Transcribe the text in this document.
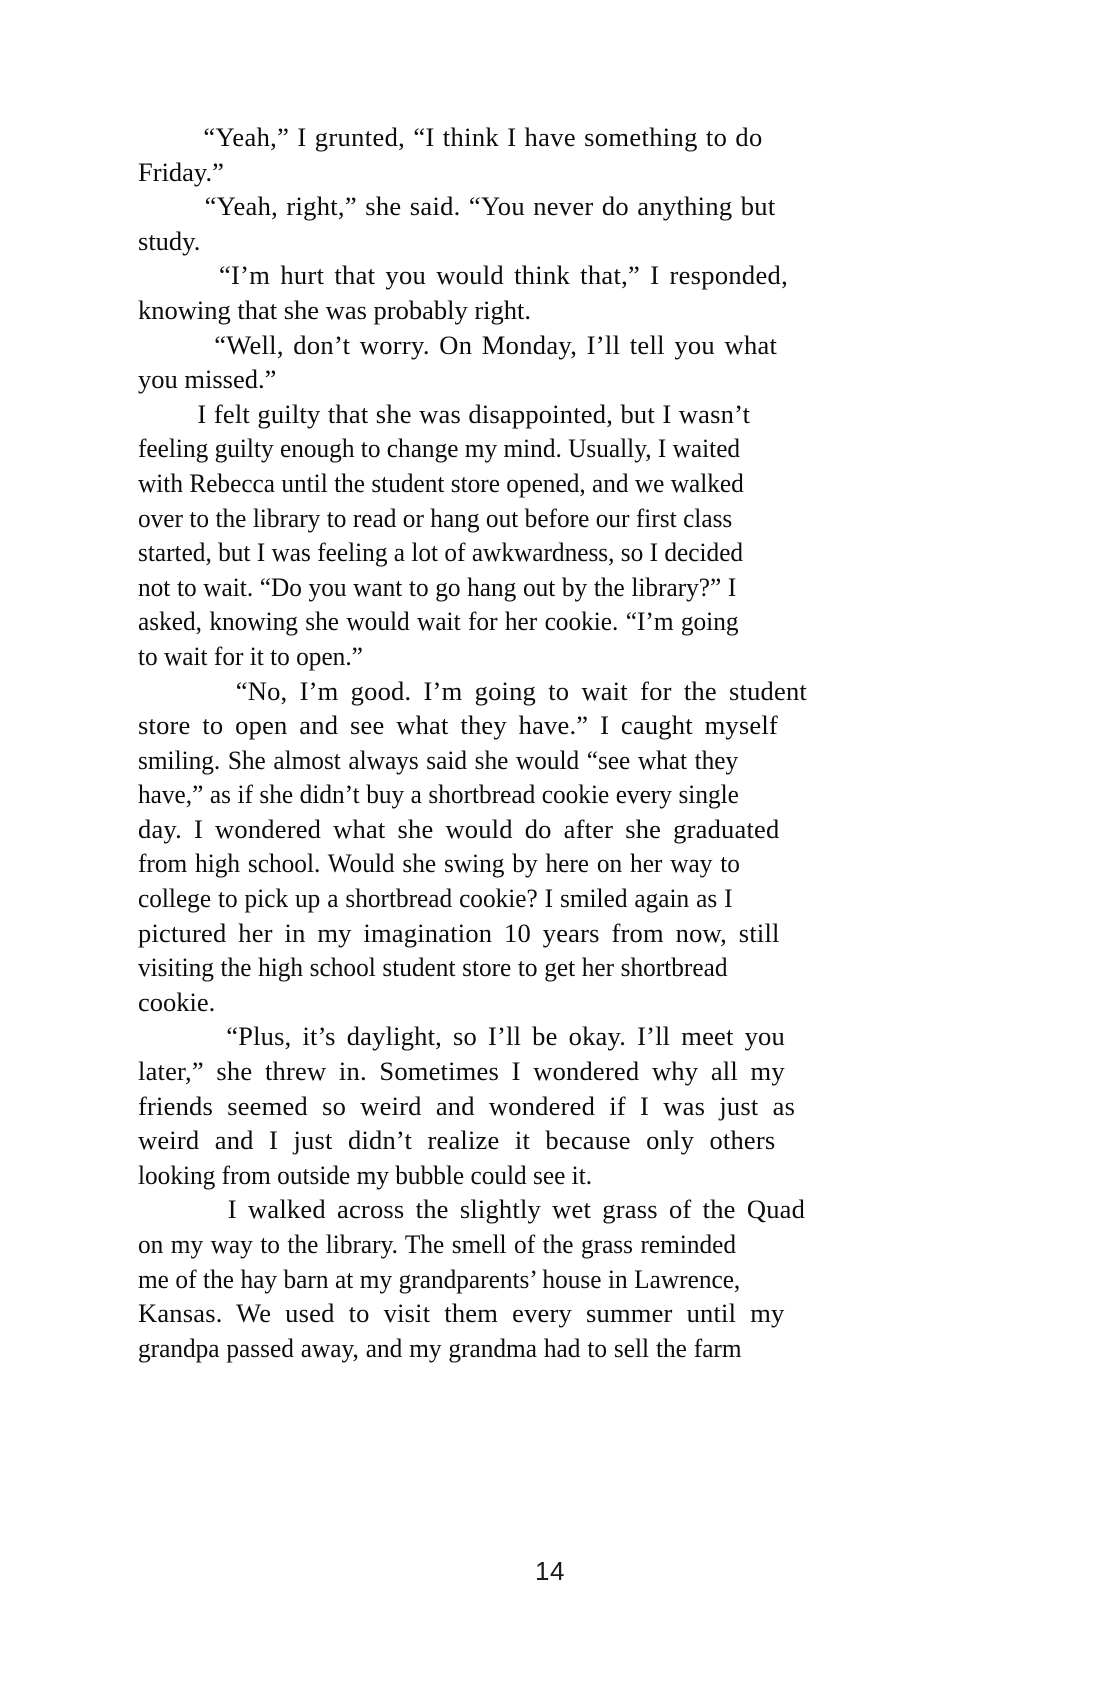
“Yeah,” I grunted, “I think I have something to do
Friday.”
“Yeah, right,” she said. “You never do anything but
study.
“I’m hurt that you would think that,” I responded,
knowing that she was probably right.
“Well, don’t worry. On Monday, I’ll tell you what
you missed.”
I felt guilty that she was disappointed, but I wasn’t
feeling guilty enough to change my mind. Usually, I waited
with Rebecca until the student store opened, and we walked
over to the library to read or hang out before our first class
started, but I was feeling a lot of awkwardness, so I decided
not to wait. “Do you want to go hang out by the library?” I
asked, knowing she would wait for her cookie. “I’m going
to wait for it to open.”
“No, I’m good. I’m going to wait for the student
store to open and see what they have.” I caught myself
smiling. She almost always said she would “see what they
have,” as if she didn’t buy a shortbread cookie every single
day. I wondered what she would do after she graduated
from high school. Would she swing by here on her way to
college to pick up a shortbread cookie? I smiled again as I
pictured her in my imagination 10 years from now, still
visiting the high school student store to get her shortbread
cookie.
“Plus, it’s daylight, so I’ll be okay. I’ll meet you
later,” she threw in. Sometimes I wondered why all my
friends seemed so weird and wondered if I was just as
weird and I just didn’t realize it because only others
looking from outside my bubble could see it.
I walked across the slightly wet grass of the Quad
on my way to the library. The smell of the grass reminded
me of the hay barn at my grandparents’ house in Lawrence,
Kansas. We used to visit them every summer until my
grandpa passed away, and my grandma had to sell the farm
14
